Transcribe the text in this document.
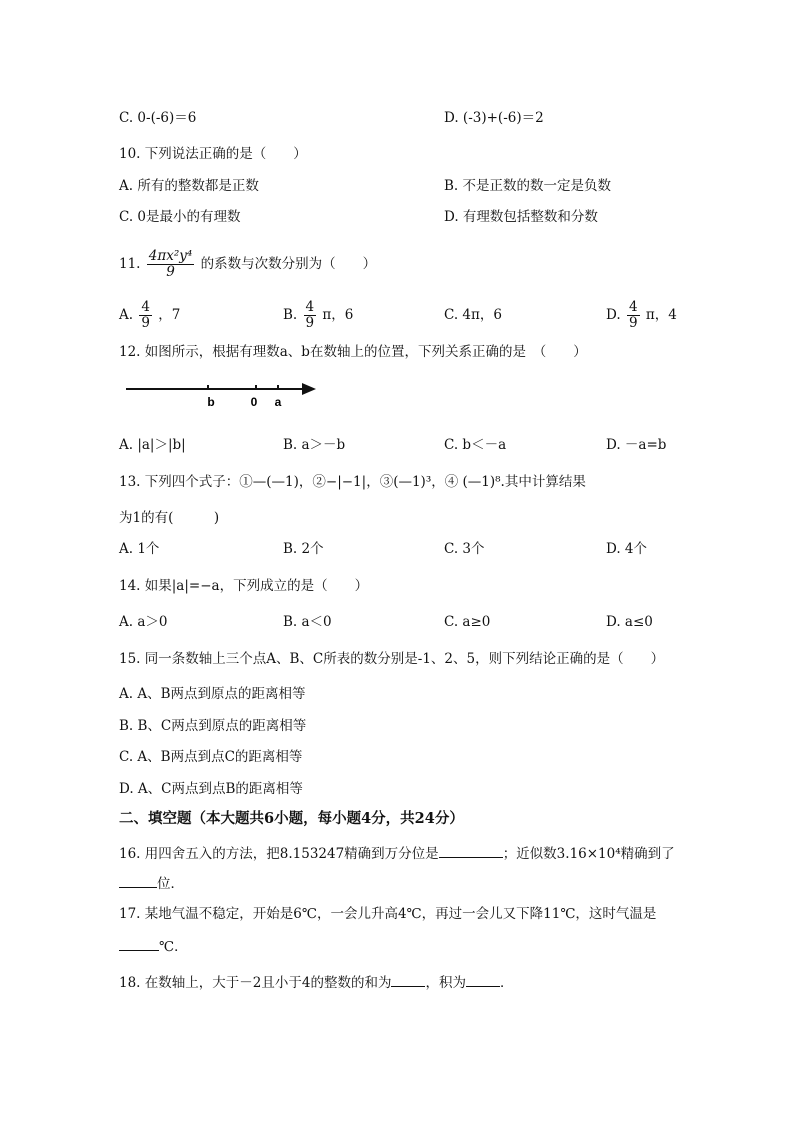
C. 0-(-6)＝6	D. (-3)+(-6)＝2
10. 下列说法正确的是（　　）
A. 所有的整数都是正数	B. 不是正数的数一定是负数
C. 0是最小的有理数	D. 有理数包括整数和分数
11. $\frac{\text{4πx²y⁴}}{9}$ 的系数与次数分别为（　　）
A. $\frac{4}{9}$ ，7	B. $\frac{4}{9}$ π，6	C. 4π，6	D. $\frac{4}{9}$ π，4
12. 如图所示，根据有理数a、b在数轴上的位置，下列关系正确的是　（　　）
b	0 a
A. |a|＞|b|	B. a＞－b	C. b＜－a	D. －a=b
13. 下列四个式子：①—(—1)，②−|−1|，③(—1)³，④ (—1)⁸.其中计算结果
为1的有(　　　)
A. 1个	B. 2个	C. 3个	D. 4个
14. 如果|a|=−a，下列成立的是（　　）
A. a＞0	B. a＜0	C. a≥0	D. a≤0
15. 同一条数轴上三个点A、B、C所表的数分别是-1、2、5，则下列结论正确的是（　　）
A. A、B两点到原点的距离相等
B. B、C两点到原点的距离相等
C. A、B两点到点C的距离相等
D. A、C两点到点B的距离相等
二、填空题（本大题共6小题，每小题4分，共24分）
16. 用四舍五入的方法，把8.153247精确到万分位是	；近似数3.16×10⁴精确到了
位．
17. 某地气温不稳定，开始是6℃，一会儿升高4℃，再过一会儿又下降11℃，这时气温是
℃．
18. 在数轴上，大于－2且小于4的整数的和为	，积为	．
